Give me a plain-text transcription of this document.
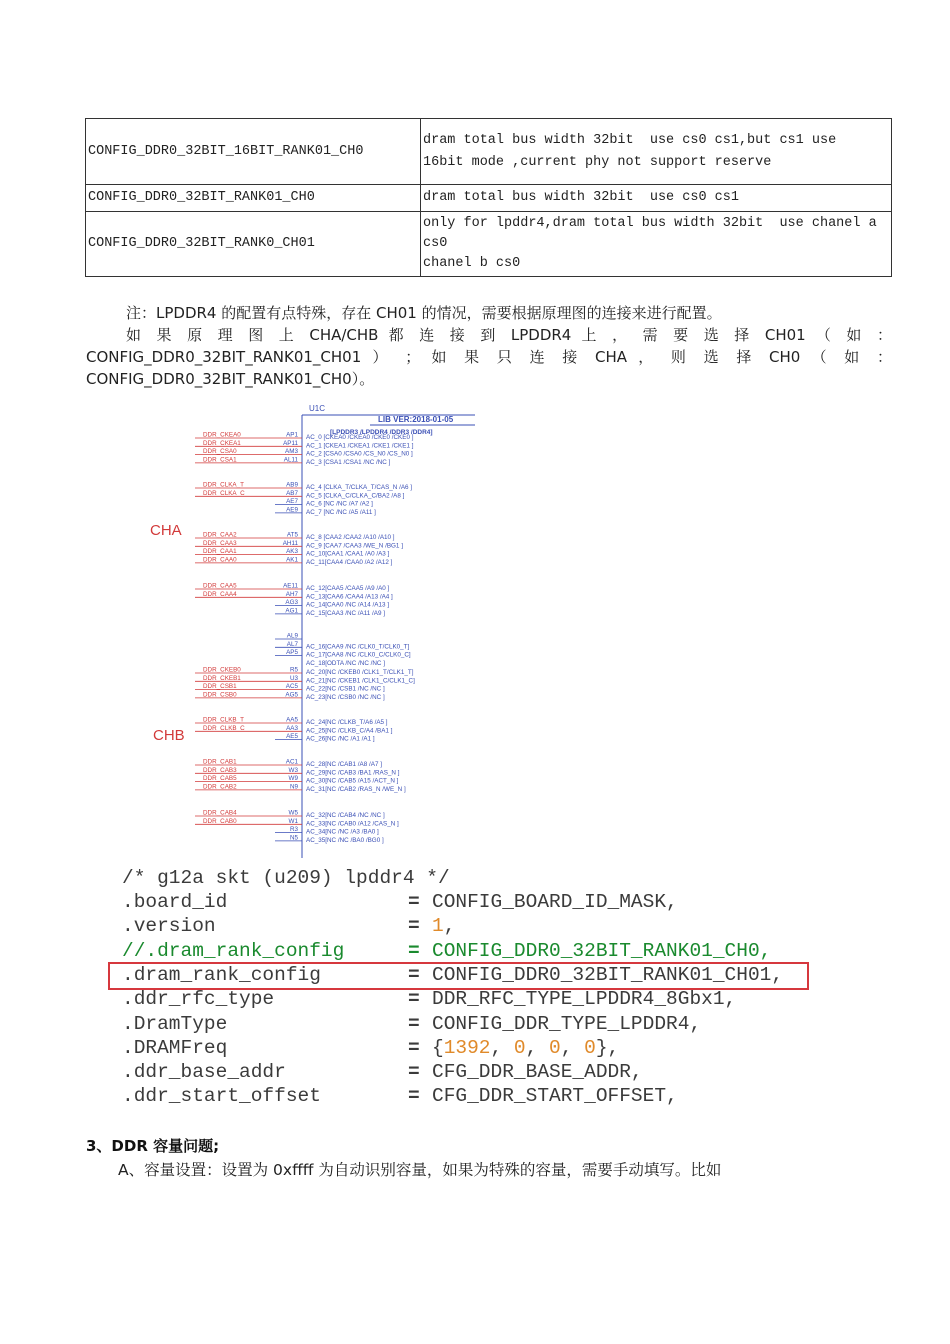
CONFIG_DDR0_32BIT_16BIT_RANK01_CH0	dram total bus width 32bit  use cs0 cs1,but cs1 use
16bit mode ,current phy not support reserve
CONFIG_DDR0_32BIT_RANK01_CH0	dram total bus width 32bit  use cs0 cs1
CONFIG_DDR0_32BIT_RANK0_CH01	only for lpddr4,dram total bus width 32bit  use chanel a
cs0
chanel b cs0
注：LPDDR4 的配置有点特殊，存在 CH01 的情况，需要根据原理图的连接来进行配置。
如 果 原 理 图 上 CHA/CHB 都 连 接 到 LPDDR4 上 ， 需 要 选 择 CH01 （ 如 ：
CONFIG_DDR0_32BIT_RANK01_CH01 ） ； 如 果 只 连 接 CHA ， 则 选 择 CH0 （ 如 ：
CONFIG_DDR0_32BIT_RANK01_CH0）。
U1C
LIB VER:2018-01-05
[LPDDR3 /LPDDR4 /DDR3 /DDR4]
CHA
CHB
AP1
DDR_CKEA0	AC_0 [CKEA0 /CKEA0 /CKE0 /CKE0 ]
AP11
DDR_CKEA1	AC_1 [CKEA1 /CKEA1 /CKE1 /CKE1 ]
AM3
DDR_CSA0	AC_2 [CSA0 /CSA0 /CS_N0 /CS_N0 ]
AL11
DDR_CSA1	AC_3 [CSA1 /CSA1 /NC /NC ]
AB9
DDR_CLKA_T	AC_4 [CLKA_T/CLKA_T/CAS_N /A6 ]
AB7
DDR_CLKA_C	AC_5 [CLKA_C/CLKA_C/BA2 /A8 ]
AE7 AC_6 [NC /NC /A7 /A2 ]
AE9 AC_7 [NC /NC /A5 /A11 ]
AT5
DDR_CAA2	AC_8 [CAA2 /CAA2 /A10 /A10 ]
AH11
DDR_CAA3	AC_9 [CAA7 /CAA3 /WE_N /BG1 ]
AK3
DDR_CAA1	AC_10[CAA1 /CAA1 /A0 /A3 ]
AK1
DDR_CAA0	AC_11[CAA4 /CAA0 /A2 /A12 ]
AE11
DDR_CAA5	AC_12[CAA5 /CAA5 /A9 /A0 ]
AH7
DDR_CAA4	AC_13[CAA6 /CAA4 /A13 /A4 ]
AG3 AC_14[CAA0 /NC /A14 /A13 ]
AG1 AC_15[CAA3 /NC /A11 /A9 ]
AL9
AL7 AC_16[CAA9 /NC /CLK0_T/CLK0_T]
AP5 AC_17[CAA8 /NC /CLK0_C/CLK0_C]
AC_18[ODTA /NC /NC /NC ]
R5
DDR_CKEB0	AC_20[NC /CKEB0 /CLK1_T/CLK1_T]
U3
DDR_CKEB1	AC_21[NC /CKEB1 /CLK1_C/CLK1_C]
AC5
DDR_CSB1	AC_22[NC /CSB1 /NC /NC ]
AG5
DDR_CSB0	AC_23[NC /CSB0 /NC /NC ]
AA5
DDR_CLKB_T	AC_24[NC /CLKB_T/A6 /A5 ]
AA3
DDR_CLKB_C	AC_25[NC /CLKB_C/A4 /BA1 ]
AE5 AC_26[NC /NC /A1 /A1 ]
AC1
DDR_CAB1	AC_28[NC /CAB1 /A8 /A7 ]
W3
DDR_CAB3	AC_29[NC /CAB3 /BA1 /RAS_N ]
W9
DDR_CAB5	AC_30[NC /CAB5 /A15 /ACT_N ]
N9
DDR_CAB2	AC_31[NC /CAB2 /RAS_N /WE_N ]
W5
DDR_CAB4	AC_32[NC /CAB4 /NC /NC ]
W1
DDR_CAB0	AC_33[NC /CAB0 /A12 /CAS_N ]
R3 AC_34[NC /NC /A3 /BA0 ]
N5 AC_35[NC /NC /BA0 /BG0 ]
/* g12a skt (u209) lpddr4 */
.board_id	= CONFIG_BOARD_ID_MASK,
.version	= 1,
//.dram_rank_config	= CONFIG_DDR0_32BIT_RANK01_CH0,
.dram_rank_config	= CONFIG_DDR0_32BIT_RANK01_CH01,
.ddr_rfc_type	= DDR_RFC_TYPE_LPDDR4_8Gbx1,
.DramType	= CONFIG_DDR_TYPE_LPDDR4,
.DRAMFreq	= {1392, 0, 0, 0},
.ddr_base_addr	= CFG_DDR_BASE_ADDR,
.ddr_start_offset	= CFG_DDR_START_OFFSET,
3、DDR 容量问题;
A、容量设置：设置为 0xffff 为自动识别容量，如果为特殊的容量，需要手动填写。比如
